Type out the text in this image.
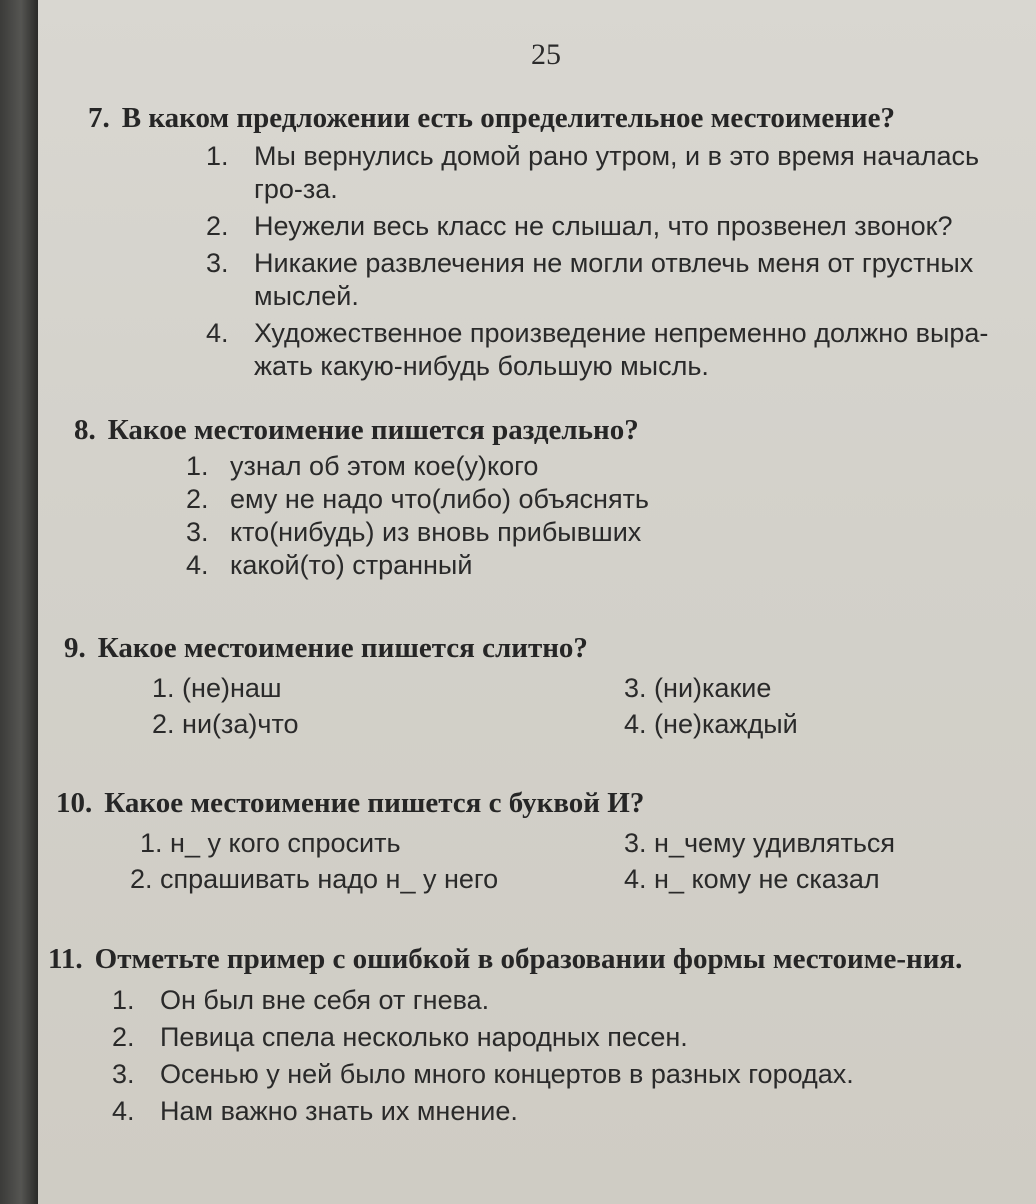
25
7. В каком предложении есть определительное местоимение?
1. Мы вернулись домой рано утром, и в это время началась гро-за.
2. Неужели весь класс не слышал, что прозвенел звонок?
3. Никакие развлечения не могли отвлечь меня от грустных мыслей.
4. Художественное произведение непременно должно выра-жать какую-нибудь большую мысль.
8. Какое местоимение пишется раздельно?
1. узнал об этом кое(у)кого
2. ему не надо что(либо) объяснять
3. кто(нибудь) из вновь прибывших
4. какой(то) странный
9. Какое местоимение пишется слитно?
1. (не)наш	3. (ни)какие
2. ни(за)что	4. (не)каждый
10. Какое местоимение пишется с буквой И?
1. н_ у кого спросить	3. н_чему удивляться
2. спрашивать надо н_ у него	4. н_ кому не сказал
11. Отметьте пример с ошибкой в образовании формы местоиме-ния.
1. Он был вне себя от гнева.
2. Певица спела несколько народных песен.
3. Осенью у ней было много концертов в разных городах.
4. Нам важно знать их мнение.
